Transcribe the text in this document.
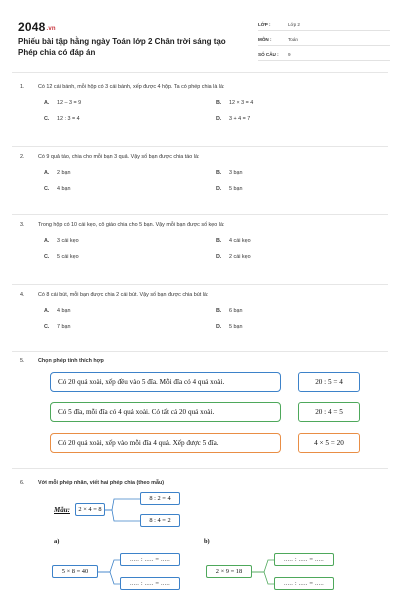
2048.vn
Phiếu bài tập hằng ngày Toán lớp 2 Chân trời sáng tạo Phép chia có đáp án
LỚP :	Lớp 2
MÔN :	Toán
SỐ CÂU :	9
1.	Có 12 cái bánh, mỗi hộp có 3 cái bánh, xếp được 4 hộp. Ta có phép chia là là:
A.	12 – 3 = 9	B.	12 × 3 = 4
C.	12 : 3 = 4	D.	3 + 4 = 7
2.	Có 9 quả táo, chia cho mỗi bạn 3 quả. Vậy số bạn được chia táo là:
A.	2 bạn	B.	3 bạn
C.	4 bạn	D.	5 bạn
3.	Trong hộp có 10 cái kẹo, cô giáo chia cho 5 bạn. Vậy mỗi bạn được số kẹo là:
A.	3 cái kẹo	B.	4 cái kẹo
C.	5 cái kẹo	D.	2 cái kẹo
4.	Có 8 cái bút, mỗi bạn được chia 2 cái bút. Vậy số bạn được chia bút là:
A.	4 bạn	B.	6 bạn
C.	7 bạn	D.	5 bạn
5.	Chọn phép tính thích hợp
Có 20 quả xoài, xếp đều vào 5 đĩa. Mỗi đĩa có 4 quả xoài.	20 : 5 = 4
Có 5 đĩa, mỗi đĩa có 4 quả xoài. Có tất cả 20 quả xoài.	20 : 4 = 5
Có 20 quả xoài, xếp vào mỗi đĩa 4 quả. Xếp được 5 đĩa.	4 × 5 = 20
6.	Với mỗi phép nhân, viết hai phép chia (theo mẫu)
Mẫu:	2 × 4 = 8
8 : 2 = 4
8 : 4 = 2
a)
5 × 8 = 40
..... : ..... = .....
..... : ..... = .....
b)
2 × 9 = 18
..... : ..... = .....
..... : ..... = .....
